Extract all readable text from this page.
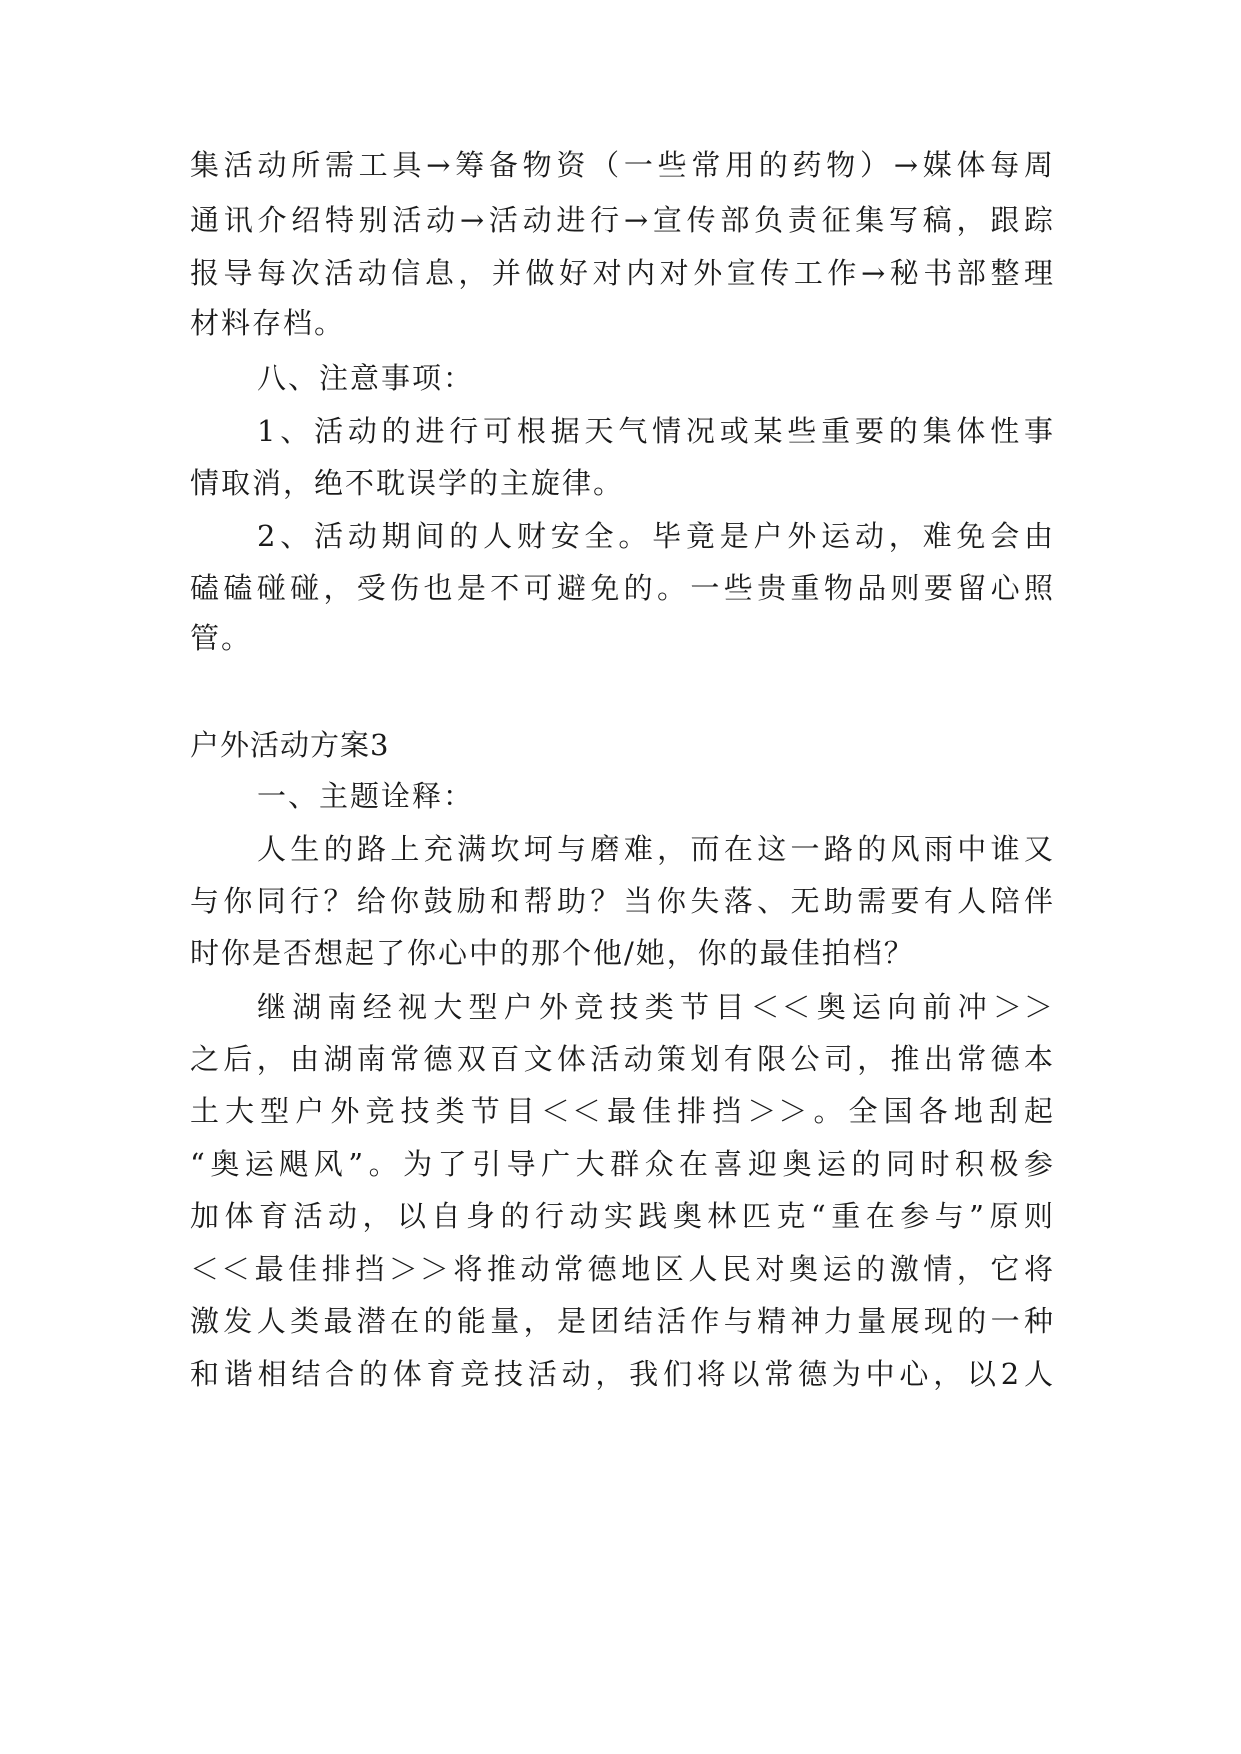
集活动所需工具→筹备物资（一些常用的药物）→媒体每周
通讯介绍特别活动→活动进行→宣传部负责征集写稿，跟踪
报导每次活动信息，并做好对内对外宣传工作→秘书部整理
材料存档。
八、注意事项：
1、活动的进行可根据天气情况或某些重要的集体性事
情取消，绝不耽误学的主旋律。
2、活动期间的人财安全。毕竟是户外运动，难免会由
磕磕碰碰，受伤也是不可避免的。一些贵重物品则要留心照
管。
户外活动方案3
一、主题诠释：
人生的路上充满坎坷与磨难，而在这一路的风雨中谁又
与你同行？给你鼓励和帮助？当你失落、无助需要有人陪伴
时你是否想起了你心中的那个他/她，你的最佳拍档？
继湖南经视大型户外竞技类节目＜＜奥运向前冲＞＞
之后，由湖南常德双百文体活动策划有限公司，推出常德本
土大型户外竞技类节目＜＜最佳排挡＞＞。全国各地刮起
“奥运飓风”。为了引导广大群众在喜迎奥运的同时积极参
加体育活动，以自身的行动实践奥林匹克“重在参与”原则
＜＜最佳排挡＞＞将推动常德地区人民对奥运的激情，它将
激发人类最潜在的能量，是团结活作与精神力量展现的一种
和谐相结合的体育竞技活动，我们将以常德为中心，以2人
